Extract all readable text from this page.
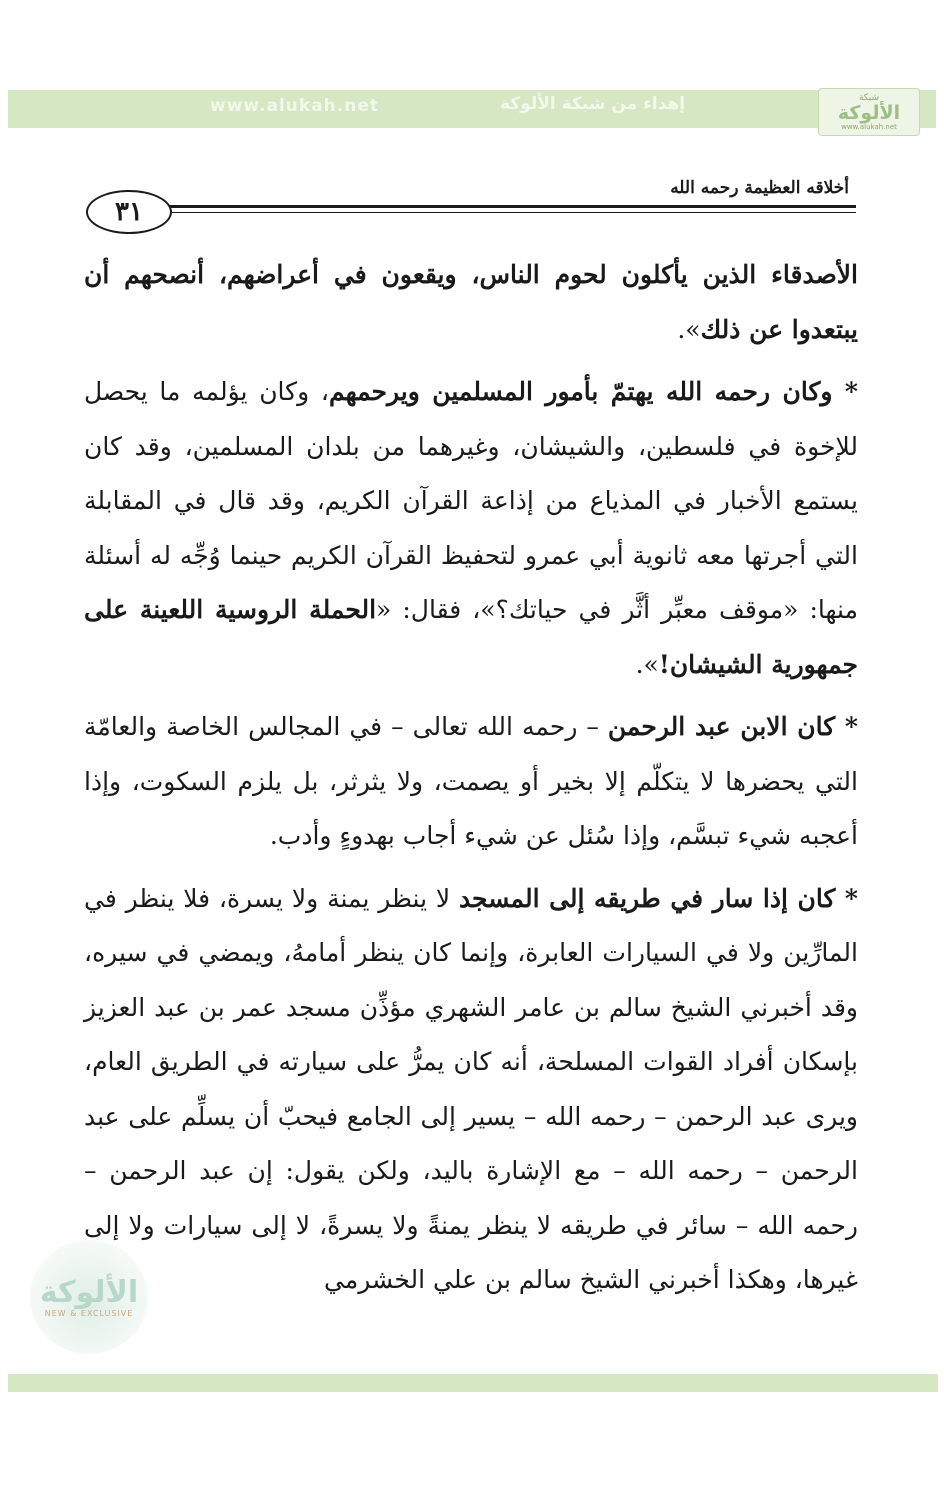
www.alukah.net	إهداء من شبكة الألوكة	شبكة
الألوكة
www.alukah.net
أخلاقه العظيمة رحمه الله
٣١

الأصدقاء الذين يأكلون لحوم الناس، ويقعون في أعراضهم، أنصحهم أن يبتعدوا عن ذلك».

* وكان رحمه الله يهتمّ بأمور المسلمين ويرحمهم، وكان يؤلمه ما يحصل للإخوة في فلسطين، والشيشان، وغيرهما من بلدان المسلمين، وقد كان يستمع الأخبار في المذياع من إذاعة القرآن الكريم، وقد قال في المقابلة التي أجرتها معه ثانوية أبي عمرو لتحفيظ القرآن الكريم حينما وُجِّه له أسئلة منها: «موقف معبِّر أثَّر في حياتك؟»، فقال: «الحملة الروسية اللعينة على جمهورية الشيشان!».

* كان الابن عبد الرحمن – رحمه الله تعالى – في المجالس الخاصة والعامّة التي يحضرها لا يتكلّم إلا بخير أو يصمت، ولا يثرثر، بل يلزم السكوت، وإذا أعجبه شيء تبسَّم، وإذا سُئل عن شيء أجاب بهدوءٍ وأدب.

* كان إذا سار في طريقه إلى المسجد لا ينظر يمنة ولا يسرة، فلا ينظر في المارِّين ولا في السيارات العابرة، وإنما كان ينظر أمامهُ، ويمضي في سيره، وقد أخبرني الشيخ سالم بن عامر الشهري مؤذِّن مسجد عمر بن عبد العزيز بإسكان أفراد القوات المسلحة، أنه كان يمرُّ على سيارته في الطريق العام، ويرى عبد الرحمن – رحمه الله – يسير إلى الجامع فيحبّ أن يسلِّم على عبد الرحمن – رحمه الله – مع الإشارة باليد، ولكن يقول: إن عبد الرحمن – رحمه الله – سائر في طريقه لا ينظر يمنةً ولا يسرةً، لا إلى سيارات ولا إلى غيرها، وهكذا أخبرني الشيخ سالم بن علي الخشرمي

الألوكة
NEW & EXCLUSIVE
